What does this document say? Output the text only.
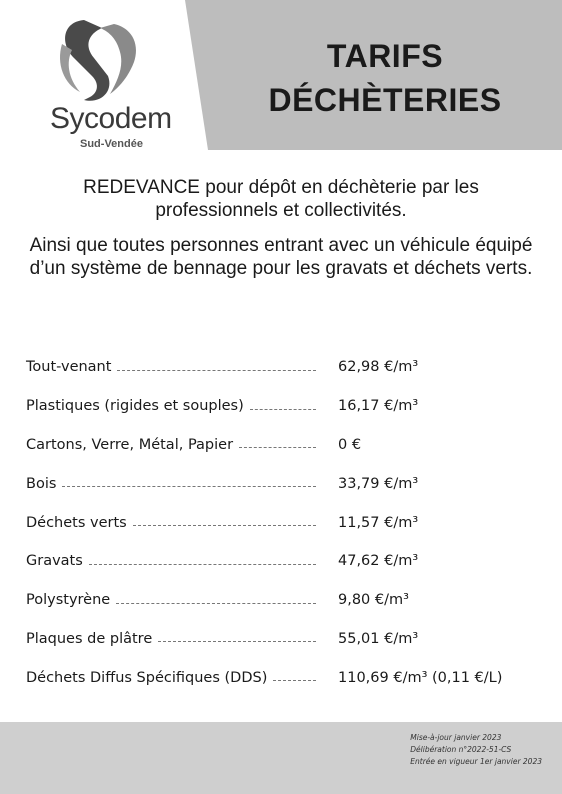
Sycodem
Sud-Vendée
TARIFS
DÉCHÈTERIES

REDEVANCE pour dépôt en déchèterie par les professionnels et collectivités.

Ainsi que toutes personnes entrant avec un véhicule équipé d’un système de bennage pour les gravats et déchets verts.

Tout-venant	62,98 €/m³
Plastiques (rigides et souples)	16,17 €/m³
Cartons, Verre, Métal, Papier	0 €
Bois	33,79 €/m³
Déchets verts	11,57 €/m³
Gravats	47,62 €/m³
Polystyrène	9,80 €/m³
Plaques de plâtre	55,01 €/m³
Déchets Diffus Spécifiques (DDS)	110,69 €/m³ (0,11 €/L)
Mise-à-jour janvier 2023
Délibération n°2022-51-CS
Entrée en vigueur 1er janvier 2023
